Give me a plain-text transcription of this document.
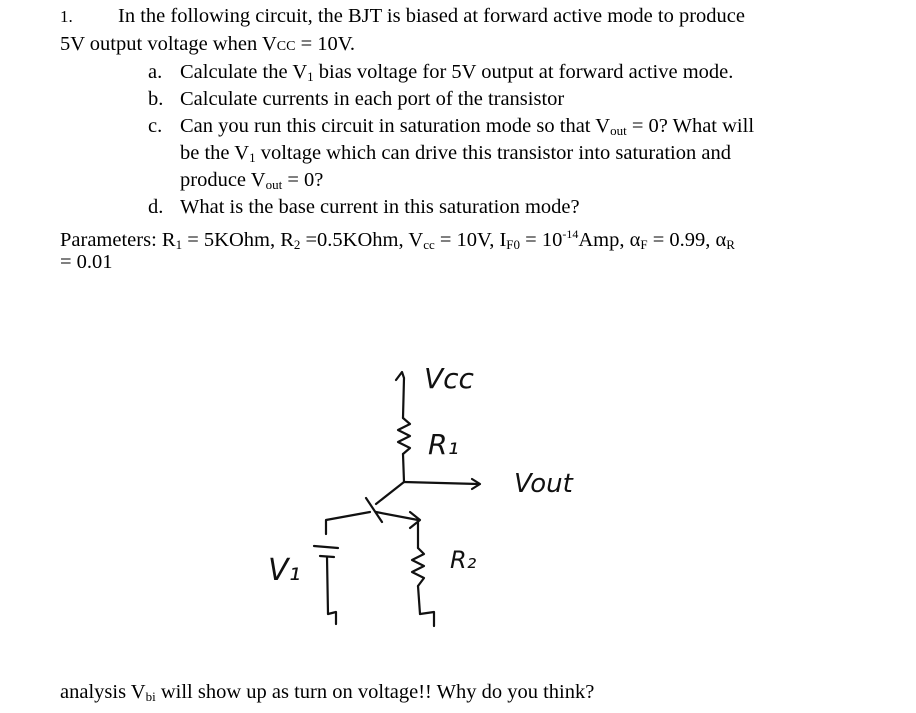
1. In the following circuit, the BJT is biased at forward active mode to produce
5V output voltage when VCC = 10V.
a. Calculate the $V_1$ bias voltage for 5V output at forward active mode.
b. Calculate currents in each port of the transistor
c. Can you run this circuit in saturation mode so that $V_{out} = 0$? What will
be the $V_1$ voltage which can drive this transistor into saturation and
produce $V_{out} = 0$?
d. What is the base current in this saturation mode?
Parameters: $R_1$ = 5KOhm, $R_2$ =0.5KOhm, $V_{cc} = 10V$, $I_{F0} = 10^{-14}Amp$, $\alpha_F = 0.99$, $\alpha_R$
= 0.01
Vcc
R₁
Vout
R₂
V₁
analysis $V_{bi}$ will show up as turn on voltage!! Why do you think?
